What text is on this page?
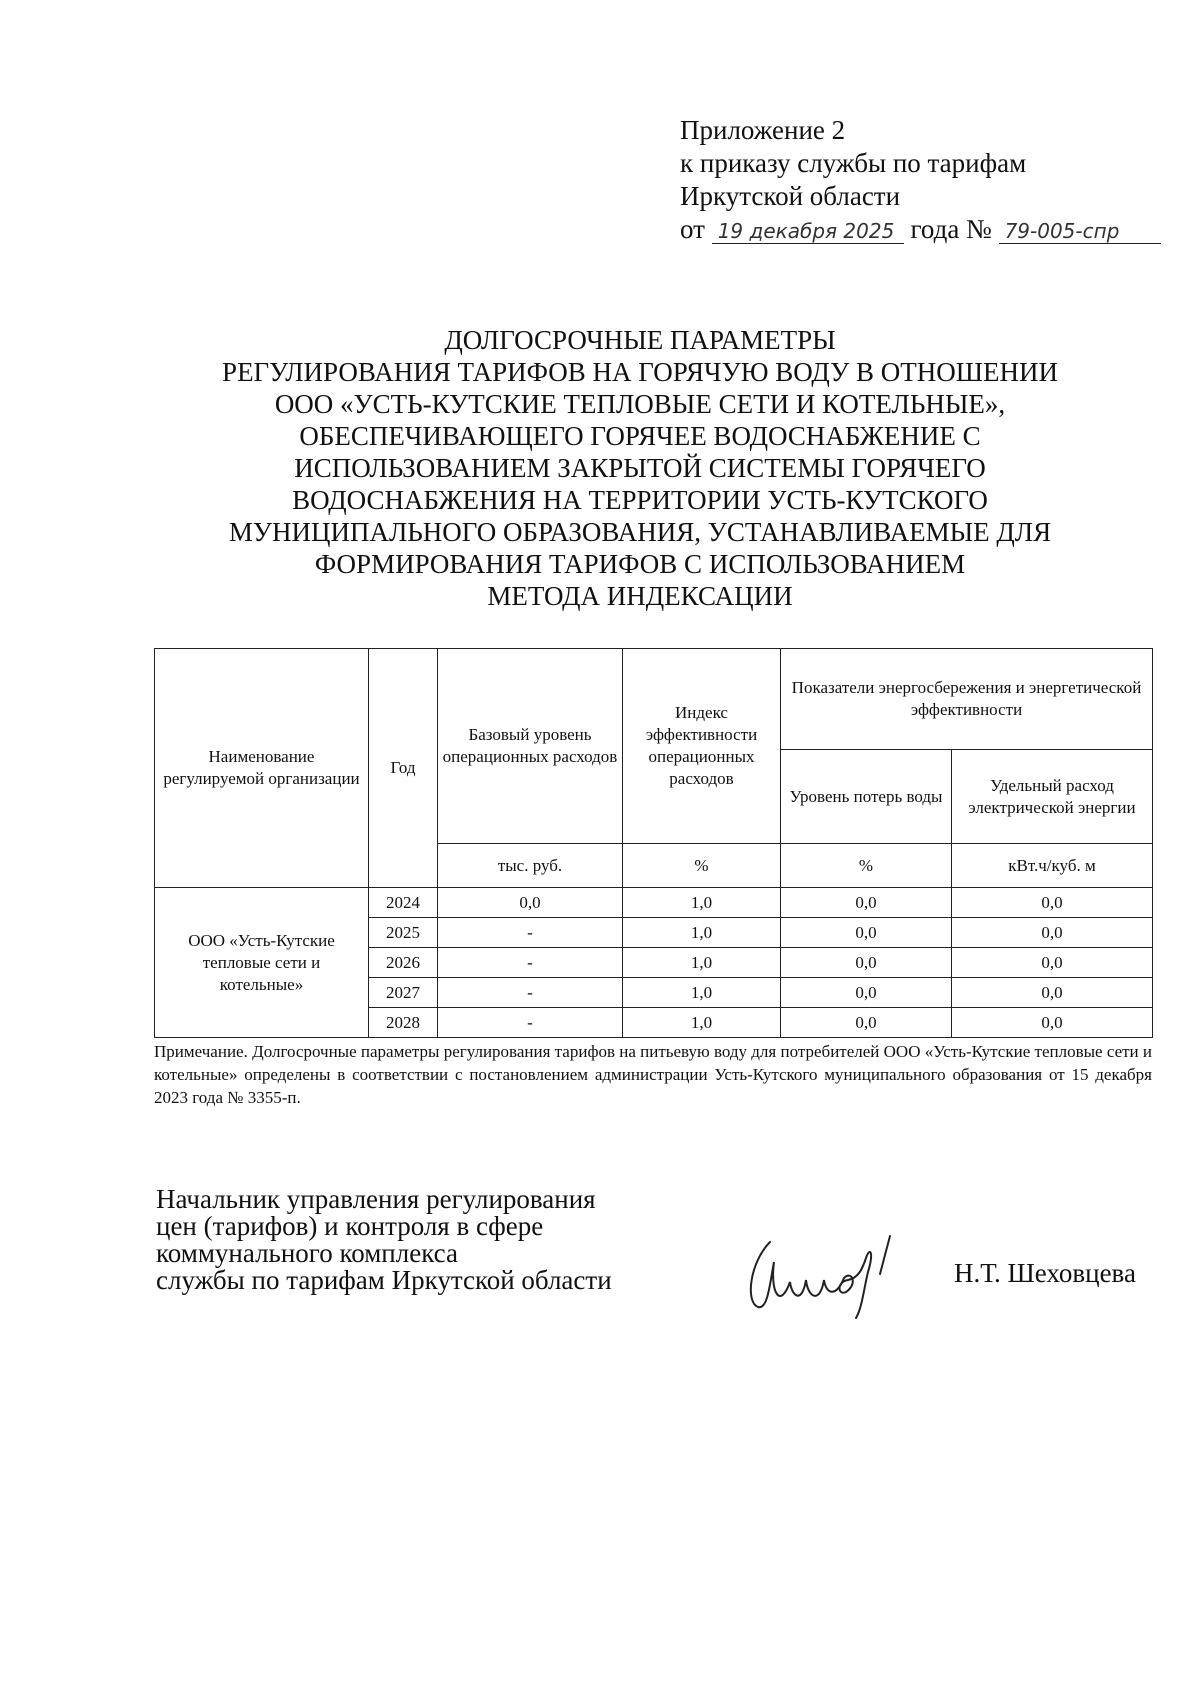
Приложение 2
к приказу службы по тарифам
Иркутской области
от 19 декабря 2025 года № 79-005-спр
ДОЛГОСРОЧНЫЕ ПАРАМЕТРЫ
РЕГУЛИРОВАНИЯ ТАРИФОВ НА ГОРЯЧУЮ ВОДУ В ОТНОШЕНИИ
ООО «УСТЬ-КУТСКИЕ ТЕПЛОВЫЕ СЕТИ И КОТЕЛЬНЫЕ»,
ОБЕСПЕЧИВАЮЩЕГО ГОРЯЧЕЕ ВОДОСНАБЖЕНИЕ С
ИСПОЛЬЗОВАНИЕМ ЗАКРЫТОЙ СИСТЕМЫ ГОРЯЧЕГО
ВОДОСНАБЖЕНИЯ НА ТЕРРИТОРИИ УСТЬ-КУТСКОГО
МУНИЦИПАЛЬНОГО ОБРАЗОВАНИЯ, УСТАНАВЛИВАЕМЫЕ ДЛЯ
ФОРМИРОВАНИЯ ТАРИФОВ С ИСПОЛЬЗОВАНИЕМ
МЕТОДА ИНДЕКСАЦИИ
Наименование регулируемой организации	Год	Базовый уровень операционных расходов	Индекс эффективности операционных расходов	Показатели энергосбережения и энергетической эффективности	
				Уровень потерь воды	Удельный расход электрической энергии
		тыс. руб.	%	%	кВт.ч/куб. м
ООО «Усть-Кутские тепловые сети и котельные»	2024	0,0	1,0	0,0	0,0
	2025	-	1,0	0,0	0,0
	2026	-	1,0	0,0	0,0
	2027	-	1,0	0,0	0,0
	2028	-	1,0	0,0	0,0
Примечание. Долгосрочные параметры регулирования тарифов на питьевую воду для потребителей ООО «Усть-Кутские тепловые сети и котельные» определены в соответствии с постановлением администрации Усть-Кутского муниципального образования от 15 декабря 2023 года № 3355-п.
Начальник управления регулирования
цен (тарифов) и контроля в сфере
коммунального комплекса
службы по тарифам Иркутской области	Н.Т. Шеховцева
